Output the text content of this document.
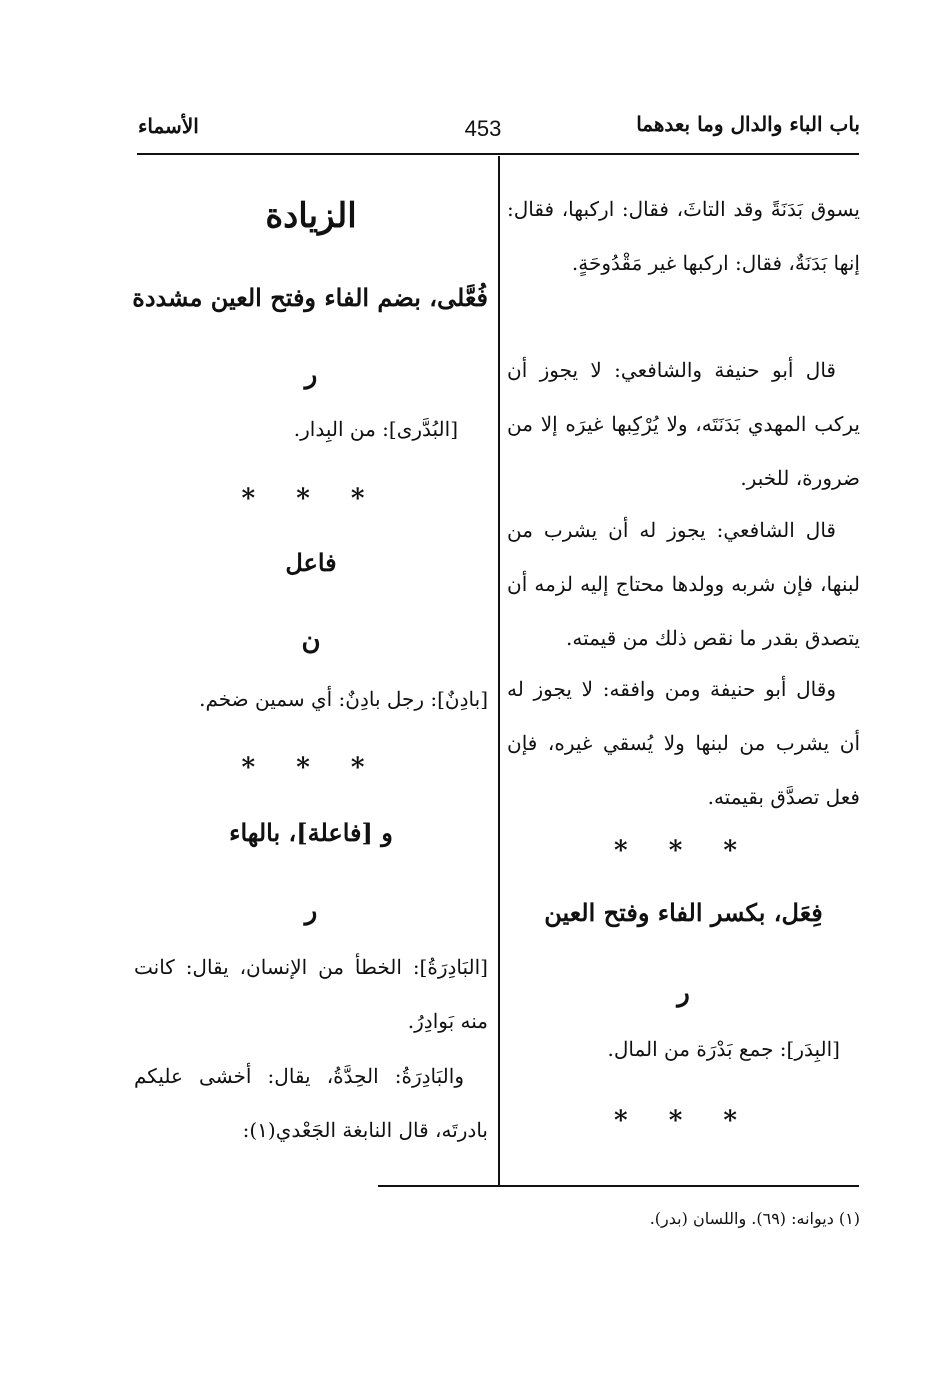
باب الباء والدال وما بعدهما
453
الأسماء

يسوق بَدَنَةً وقد التاثَ، فقال: اركبها، فقال: إنها بَدَنَةٌ، فقال: اركبها غير مَقْدُوحَةٍ.

قال أبو حنيفة والشافعي: لا يجوز أن يركب المهدي بَدَنَتَه، ولا يُرْكِبها غيرَه إلا من ضرورة، للخبر.

قال الشافعي: يجوز له أن يشرب من لبنها، فإن شربه وولدها محتاج إليه لزمه أن يتصدق بقدر ما نقص ذلك من قيمته.

وقال أبو حنيفة ومن وافقه: لا يجوز له أن يشرب من لبنها ولا يُسقي غيره، فإن فعل تصدَّق بقيمته.

* * *
فِعَل، بكسر الفاء وفتح العين
ر
[البِدَر]: جمع بَدْرَة من المال.
* * *
الزيادة
فُعَّلى، بضم الفاء وفتح العين مشددة
ر
[البُدَّرى]: من البِدار.
* * *
فاعل
ن
[بادِنٌ]: رجل بادِنٌ: أي سمين ضخم.
* * *
و [فاعلة]، بالهاء
ر

[البَادِرَةُ]: الخطأ من الإنسان، يقال: كانت منه بَوادِرُ.

والبَادِرَةُ: الحِدَّةُ، يقال: أخشى عليكم بادرتَه، قال النابغة الجَعْدي(١):

(١) ديوانه: (٦٩). واللسان (بدر).
